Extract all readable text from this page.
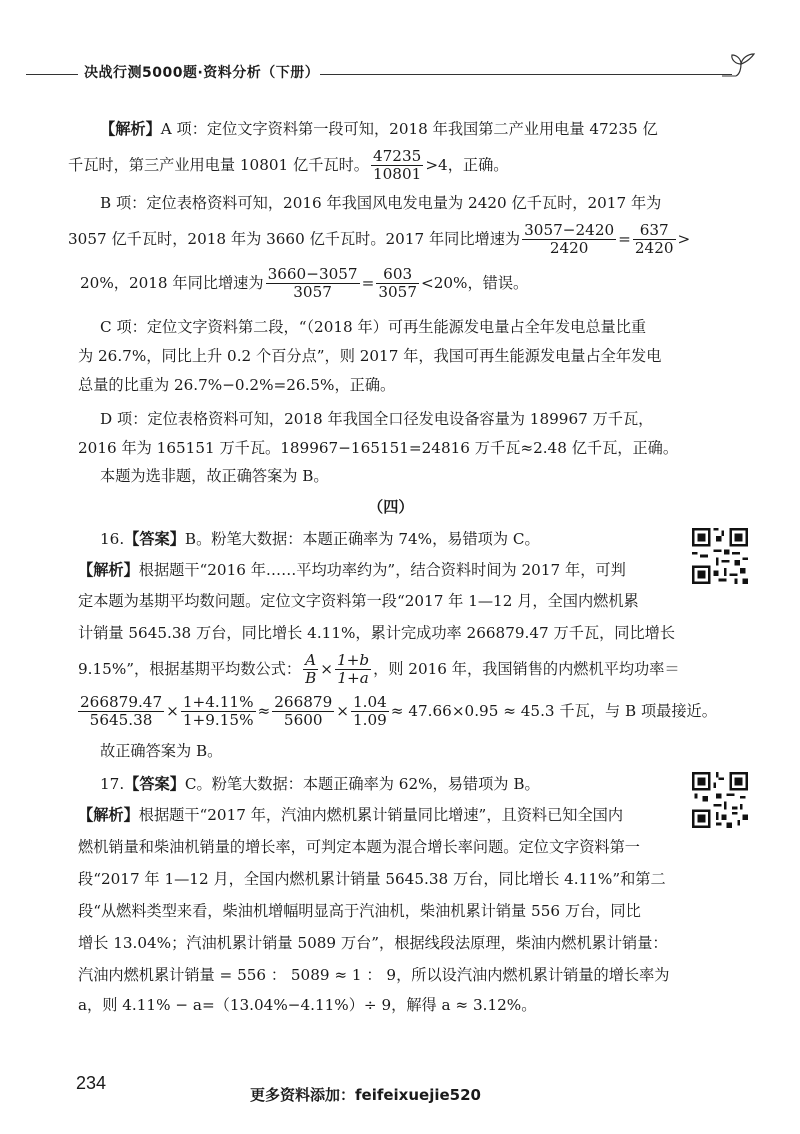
决战行测5000题·资料分析（下册）
【解析】A 项：定位文字资料第一段可知，2018 年我国第二产业用电量 47235 亿
千瓦时，第三产业用电量 10801 亿千瓦时。 $\frac{47235}{10801} >4$，正确。
B 项：定位表格资料可知，2016 年我国风电发电量为 2420 亿千瓦时，2017 年为
3057 亿千瓦时，2018 年为 3660 亿千瓦时。2017 年同比增速为 $\frac{3057-2420}{2420} = \frac{637}{2420}$ >
20%，2018 年同比增速为 $\frac{3660-3057}{3057} = \frac{603}{3057} <20\%$，错误。
C 项：定位文字资料第二段，“（2018 年）可再生能源发电量占全年发电总量比重
为 26.7%，同比上升 0.2 个百分点”，则 2017 年，我国可再生能源发电量占全年发电
总量的比重为 26.7%−0.2%=26.5%，正确。
D 项：定位表格资料可知，2018 年我国全口径发电设备容量为 189967 万千瓦，
2016 年为 165151 万千瓦。189967−165151=24816 万千瓦≈2.48 亿千瓦，正确。
本题为选非题，故正确答案为 B。
（四）
16.【答案】B。粉笔大数据：本题正确率为 74%，易错项为 C。
【解析】根据题干“2016 年……平均功率约为”，结合资料时间为 2017 年，可判
定本题为基期平均数问题。定位文字资料第一段“2017 年 1—12 月，全国内燃机累
计销量 5645.38 万台，同比增长 4.11%，累计完成功率 266879.47 万千瓦，同比增长
9.15%”，根据基期平均数公式： $\frac{A}{B} \times \frac{1+b}{1+a}$ ，则 2016 年，我国销售的内燃机平均功率＝
$\frac{266879.47}{5645.38} \times \frac{1+4.11\%}{1+9.15\%} \approx \frac{266879}{5600} \times \frac{1.04}{1.09} \approx 47.66\times 0.95 \approx 45.3$ 千瓦，与 B 项最接近。
故正确答案为 B。
17.【答案】C。粉笔大数据：本题正确率为 62%，易错项为 B。
【解析】根据题干“2017 年，汽油内燃机累计销量同比增速”，且资料已知全国内
燃机销量和柴油机销量的增长率，可判定本题为混合增长率问题。定位文字资料第一
段“2017 年 1—12 月，全国内燃机累计销量 5645.38 万台，同比增长 4.11%”和第二
段“从燃料类型来看，柴油机增幅明显高于汽油机，柴油机累计销量 556 万台，同比
增长 13.04%；汽油机累计销量 5089 万台”，根据线段法原理，柴油内燃机累计销量：
汽油内燃机累计销量 = 556 ： 5089 ≈ 1 ： 9，所以设汽油内燃机累计销量的增长率为
a，则 4.11% − a=（13.04%−4.11%）÷ 9，解得 a ≈ 3.12%。
234
更多资料添加：feifeixuejie520
